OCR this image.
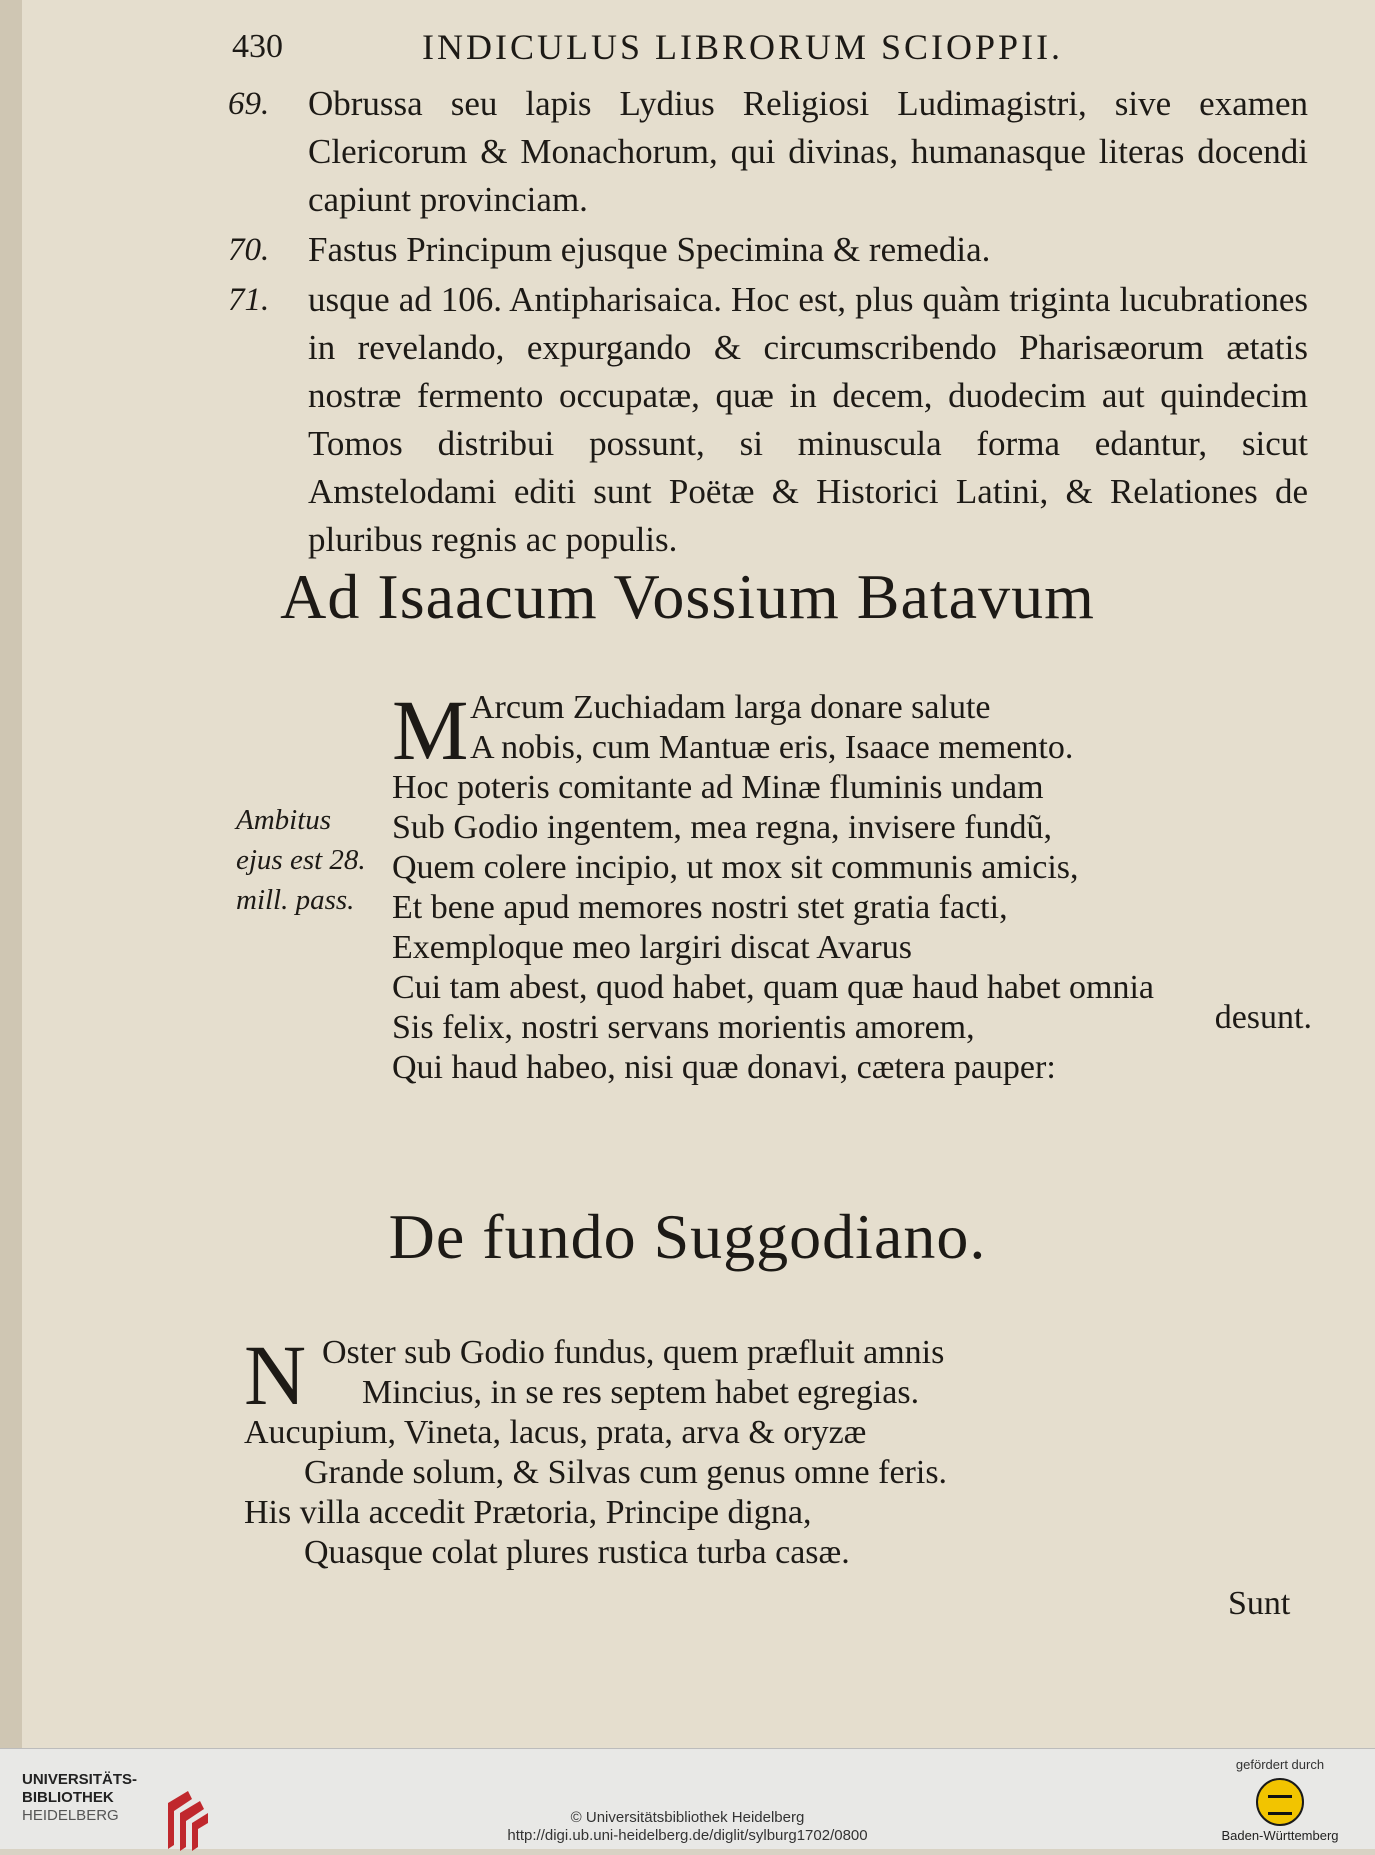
430	INDICULUS LIBRORUM SCIOPPII.
69. Obrussa seu lapis Lydius Religiosi Ludimagistri, sive examen Clericorum & Monachorum, qui divinas, humanasque literas docendi capiunt provinciam.
70. Fastus Principum ejusque Specimina & remedia.
71. usque ad 106. Antipharisaica. Hoc est, plus quàm triginta lucubrationes in revelando, expurgando & circumscribendo Pharisæorum ætatis nostræ fermento occupatæ, quæ in decem, duodecim aut quindecim Tomos distribui possunt, si minuscula forma edantur, sicut Amstelodami editi sunt Poëtæ & Historici Latini, & Relationes de pluribus regnis ac populis.
Ad Isaacum Vossium Batavum
Ambitus
ejus est 28.
mill. pass.
M Arcum Zuchiadam larga donare salute
A nobis, cum Mantuæ eris, Isaace memento.
Hoc poteris comitante ad Minæ fluminis undam
Sub Godio ingentem, mea regna, invisere fundũ,
Quem colere incipio, ut mox sit communis amicis,
Et bene apud memores nostri stet gratia facti,
Exemploque meo largiri discat Avarus
Cui tam abest, quod habet, quam quæ haud habet omnia
Sis felix, nostri servans morientis amorem,	desunt.
Qui haud habeo, nisi quæ donavi, cætera pauper:
De fundo Suggodiano.
N Oster sub Godio fundus, quem præfluit amnis
Mincius, in se res septem habet egregias.
Aucupium, Vineta, lacus, prata, arva & oryzæ
Grande solum, & Silvas cum genus omne feris.
His villa accedit Prætoria, Principe digna,
Quasque colat plures rustica turba casæ.
Sunt
UNIVERSITÄTS-
BIBLIOTHEK
HEIDELBERG	© Universitätsbibliothek Heidelberg
http://digi.ub.uni-heidelberg.de/diglit/sylburg1702/0800
gefördert durch
Baden-Württemberg
